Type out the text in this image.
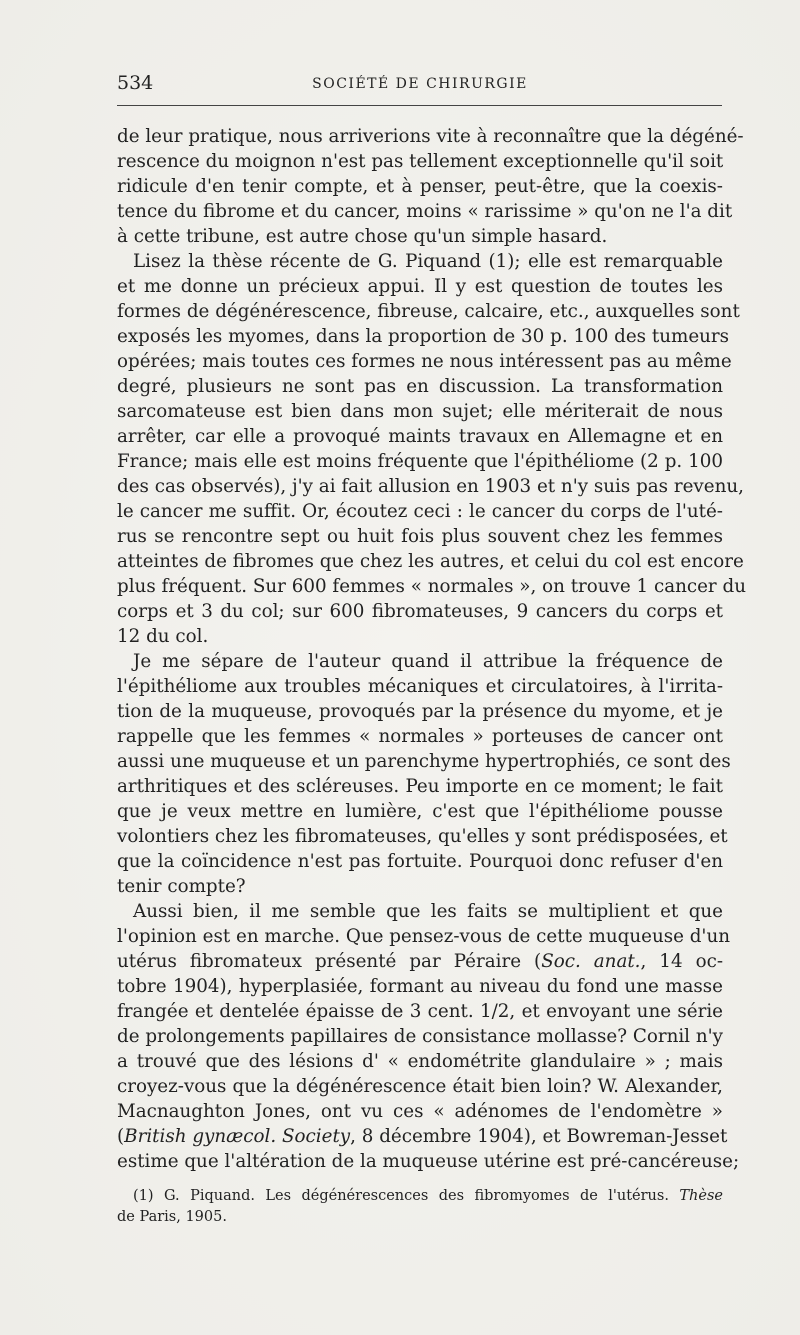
534	SOCIÉTÉ DE CHIRURGIE
de leur pratique, nous arriverions vite à reconnaître que la dégéné-
rescence du moignon n'est pas tellement exceptionnelle qu'il soit
ridicule d'en tenir compte, et à penser, peut-être, que la coexis-
tence du fibrome et du cancer, moins « rarissime » qu'on ne l'a dit
à cette tribune, est autre chose qu'un simple hasard.
Lisez la thèse récente de G. Piquand (1); elle est remarquable
et me donne un précieux appui. Il y est question de toutes les
formes de dégénérescence, fibreuse, calcaire, etc., auxquelles sont
exposés les myomes, dans la proportion de 30 p. 100 des tumeurs
opérées; mais toutes ces formes ne nous intéressent pas au même
degré, plusieurs ne sont pas en discussion. La transformation
sarcomateuse est bien dans mon sujet; elle mériterait de nous
arrêter, car elle a provoqué maints travaux en Allemagne et en
France; mais elle est moins fréquente que l'épithéliome (2 p. 100
des cas observés), j'y ai fait allusion en 1903 et n'y suis pas revenu,
le cancer me suffit. Or, écoutez ceci : le cancer du corps de l'uté-
rus se rencontre sept ou huit fois plus souvent chez les femmes
atteintes de fibromes que chez les autres, et celui du col est encore
plus fréquent. Sur 600 femmes « normales », on trouve 1 cancer du
corps et 3 du col; sur 600 fibromateuses, 9 cancers du corps et
12 du col.
Je me sépare de l'auteur quand il attribue la fréquence de
l'épithéliome aux troubles mécaniques et circulatoires, à l'irrita-
tion de la muqueuse, provoqués par la présence du myome, et je
rappelle que les femmes « normales » porteuses de cancer ont
aussi une muqueuse et un parenchyme hypertrophiés, ce sont des
arthritiques et des scléreuses. Peu importe en ce moment; le fait
que je veux mettre en lumière, c'est que l'épithéliome pousse
volontiers chez les fibromateuses, qu'elles y sont prédisposées, et
que la coïncidence n'est pas fortuite. Pourquoi donc refuser d'en
tenir compte?
Aussi bien, il me semble que les faits se multiplient et que
l'opinion est en marche. Que pensez-vous de cette muqueuse d'un
utérus fibromateux présenté par Péraire (Soc. anat., 14 oc-
tobre 1904), hyperplasiée, formant au niveau du fond une masse
frangée et dentelée épaisse de 3 cent. 1/2, et envoyant une série
de prolongements papillaires de consistance mollasse? Cornil n'y
a trouvé que des lésions d' « endométrite glandulaire » ; mais
croyez-vous que la dégénérescence était bien loin? W. Alexander,
Macnaughton Jones, ont vu ces « adénomes de l'endomètre »
(British gynæcol. Society, 8 décembre 1904), et Bowreman-Jesset
estime que l'altération de la muqueuse utérine est pré-cancéreuse;
(1) G. Piquand. Les dégénérescences des fibromyomes de l'utérus. Thèse
de Paris, 1905.
